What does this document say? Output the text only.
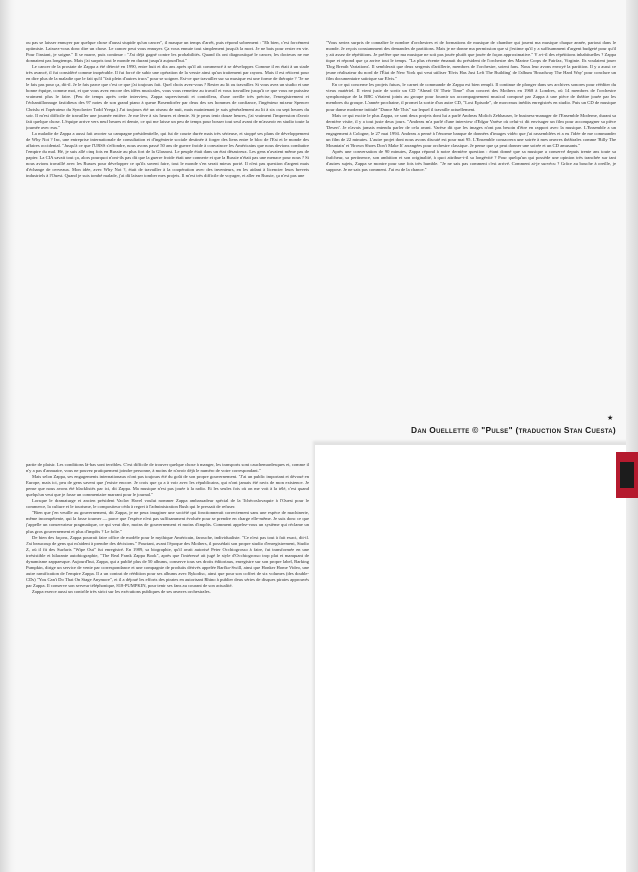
ou pas se laisser ennuyer par quelque chose d'aussi stupide qu'un cancer", il masque un temps d'arrêt, puis répond sobrement : "Eh bien, c'est forcément optimiste. Laissez-vous donc dire un chose. Le cancer peut vous ennuyer. Ça vous ennuie tout simplement jusqu'à la mort. Je ne bats pour rester en vie. Pour l'instant, je soigne." Il se marre, puis continue : "J'ai déjà gagné contre les probabilités. Quand ils ont diagnostiqué le cancer, les docteurs ne me donnaient pas longtemps. Mais j'ai surpris tout le monde en durant jusqu'à aujourd'hui."

Le cancer de la prostate de Zappa a été détecté en 1990, entre huit et dix ans après qu'il ait commencé à se développer. Comme il en était à un stade très avancé, il fut considéré comme inopérable. Il fut forcé de subir une opération de la vessie ainsi qu'un traitement par rayons. Mais il est réticent pour en dire plus de la maladie que le fait qu'il "fait plein d'autres trucs" pour se soigner. Est-ce que travailler sur sa musique est une forme de thérapie ? "Je ne le fais pas pour ça, dit-il. Je le fais parce que c'est ce que j'ai toujours fait. Quel choix avez-vous ? Rester au lit ou travailler. Si vous avez un studio et une bonne équipe, comme moi, et que vous avez encore des idées musicales, vous vous remettez au travail et vous travaillez jusqu'à ce que vous ne puissiez vraiment plus le faire. (Peu de temps après cette interview, Zappa superviserait et contrôlera, d'une oreille très précise, l'enregistrement et l'échantillonnage fastidieux des 97 notes de son grand piano à queue Bosendorfer par deux des ses hommes de confiance, l'ingénieur mixeur Spencer Chrislu et l'opérateur du Synclavier Todd Yvega.) J'ai toujours été un oiseau de nuit, mais maintenant je suis généralement au lit à six ou sept heures du soir. Il m'est difficile de travailler une journée entière. Je me lève à six heures et demie. Si je peux tenir douze heures, j'ai vraiment l'impression d'avoir fait quelque chose. L'équipe arrive vers neuf heures et demie, ce qui me laisse un peu de temps pour bosser tout seul avant de m'asseoir en studio toute la journée avec eux."

La maladie de Zappa a aussi fait avorter sa campagne présidentielle, qui fut de courte durée mais très sérieuse, et stoppé ses plans de développement de Why Not ? Inc, une entreprise internationale de consultation et d'ingénierie sociale destinée à forger des liens entre le bloc de l'Est et le monde des affaires occidental. "Jusqu'à ce que l'URSS s'effondre, nous avons passé 50 ans de guerre froide à convaincre les Américains que nous devions combattre l'empire du mal. Hé, je suis allé cinq fois en Russie au plus fort de la Glasnost. Le peuple était dans un état désastreux. Les gens n'avaient même pas de papier. La CIA savait tout ça, alors pourquoi n'ont-ils pas dit que la guerre froide était une connerie et que la Russie n'était pas une menace pour nous ? Si nous avions travaillé avec les Russes pour développer ce qu'ils savent faire, tout le monde s'en serait mieux porté. Il n'est pas question d'argent mais d'échange de cerveaux. Mon idée, avec Why Not ?, était de travailler à la coopération avec des inventeurs, en les aidant à licencier leurs brevets industriels à l'Ouest. Quand je suis tombé malade, j'ai dû laisser tomber mes projets. Il m'est très difficile de voyager, et aller en Russie, ça n'est pas une

partie de plaisir. Les conditions là-bas sont terribles. C'est difficile de trouver quelque chose à manger, les transports sont cauchemardesques et, comme il n'y a pas d'annuaire, vous ne pouvez pratiquement joindre personne, à moins de n'avoir déjà le numéro de votre correspondant."

Mais selon Zappa, ses engagements internationaux n'ont pas toujours été du goût de son propre gouvernement. "J'ai un public important et dévoué en Europe, mais ici, peu de gens savent que j'existe encore. Je crois que ça a à voir avec les républicains, qui n'ont jamais été ravis de mon existence. Je pense que nous avons été blacklistés par ici, dit Zappa. Ma musique n'est pas jouée à la radio. Et les seules fois où on me voit à la télé, c'est quand quelqu'un veut que je fasse un commentaire marrant pour le journal."

Lorsque le dramaturge et ancien président Vaclav Havel voulut nommer Zappa ambassadeur spécial de la Tchécoslovaquie à l'Ouest pour le commerce, la culture et le tourisme, le compositeur céda à regret à l'administration Bush qui le pressait de refuser.

"Bien que j'en veuille au gouvernement, dit Zappa, je ne peux imaginer une société qui fonctionnerait correctement sans une espèce de machinerie, même incompétente, qui la fasse tourner — parce que l'espèce n'est pas suffisamment évoluée pour se prendre en charge elle-même. Je suis donc ce que j'appelle un conservateur pragmatique, ce qui veut dire, moins de gouvernement et moins d'impôts. Comment appelez-vous un système qui réclame un plus gros gouvernement et plus d'impôts ? Le folie."

De bien des façons, Zappa pourrait faire office de modèle pour le mythique Américain, farouche, individualiste. "Ce n'est pas tout à fait exact, dit-il. J'ai beaucoup de gens qui m'aident à prendre des décisions." Pourtant, avant l'époque des Mothers, il possédait son propre studio d'enregistrement, Studio Z, où il fit des Surfaris "Wipe Out" fut enregistré. En 1989, sa biographie, qu'il avait autorisé Peter Occhiogrosso à faire, fut transformée en une irrésistible et hilarante autobiographie, "The Real Frank Zappa Book", après que l'intéressé ait jugé le style d'Occhiogrosso trop plat et manquant de dynamisme zappaesque. Aujourd'hui, Zappa, qui a publié plus de 50 albums, conserve tous ses droits éditoriaux, enregistre sur son propre label, Barking Pumpkin, dirige un service de vente par correspondance et une compagnie de produits dérivés appelée Barfko-Swill, ainsi que Honker Home Video, une autre ramification de l'empire Zappa. Il a un contrat de réédition pour ses albums avec Rykodisc, ainsi que pour son coffret de six volumes (des double-CDs) "You Can't Do That On Stage Anymore", et il a déjoué les efforts des pirates en autorisant Rhino à publier deux séries de disques pirates approuvés par Zappa. Il conserve son serveur téléphonique, 818-PUMPKIN, pour tenir ses fans au courant de son actualité.

Zappa exerce aussi un contrôle très strict sur les exécutions publiques de ses œuvres orchestrales.

"Vous seriez surpris de connaître le nombre d'orchestres et de formations de musique de chambre qui jouent ma musique chaque année, partout dans le monde. Je reçois constamment des demandes de partitions. Mais je ne donne ma permission que si j'estime qu'il y a suffisamment d'argent budgeté pour qu'il y ait assez de répétitions. Je préfère que ma musique ne soit pas jouée plutôt que jouée de façon approximative." Y a-t-il des répétitions inhabituelles ? Zappa tique et répond que ça arrive tout le temps. "La plus récente émanait du président de l'orchestre des Marine Corps de Fairfax, Virginie. Ils voulaient jouer 'Dog Breath Variations'. Il semblerait que deux sergents d'artillerie, membres de l'orchestre, soient fans. Nous leur avons envoyé la partition. Il y a aussi ce jeune réalisateur du nord de l'État de New York qui veut utiliser 'Elvis Has Just Left The Building' de l'album 'Broadway The Hard Way' pour conclure un film documentaire satirique sur Elvis."

En ce qui concerne les projets futurs, le carnet de commande de Zappa est bien rempli. Il continue de plonger dans ses archives sonores pour rééditer du vieux matériel. Il vient juste de sortir un CD "Ahead Of Their Time" d'un concert des Mothers en 1968 à Londres, où 14 membres de l'orchestre symphonique de la BBC s'étaient joints au groupe pour fournir un accompagnement musical composé par Zappa à une pièce de théâtre jouée par les membres du groupe. L'année prochaine, il promet la sortie d'un autre CD, "Lost Episode", de morceaux inédits enregistrés en studio. Puis un CD de musique pour danse moderne intitulé "Dance Me This" sur lequel il travaille actuellement.

Mais ce qui excite le plus Zappa, ce sont deux projets dont lui a parlé Andreas Molich Zebhauser, le business-manager de l'Ensemble Moderne, durant sa dernière visite, il y a tout juste deux jours. "Andreas m'a parlé d'une interview d'Edgar Varèse où celui-ci dit envisager un film pour accompagner sa pièce 'Desert'. Je n'avais jamais entendu parler de cela avant. Varèse dit que les images n'ont pas besoin d'être en rapport avec la musique. L'Ensemble a un engagement à Cologne, le 27 mai 1994. Andreas a pensé à l'énorme banque de données d'images vidéo que j'ai rassemblées et a eu l'idée de me commander un film de 22 minutes. L'autre projet dont nous avons discuté est pour mai 95. L'Ensemble consacrera une soirée à mes œuvres théâtrales comme 'Billy The Mountain' et 'Brown Shoes Don't Make It' arrangées pour orchestre classique. Je pense que ça peut donner une soirée et un CD amusants."

Après une conversation de 90 minutes, Zappa répond à notre dernière question : étant donné que sa musique a conservé depuis trente ans toute sa fraîcheur, sa pertinence, son ambition et son originalité, à quoi attribue-t-il sa longévité ? Pour quelqu'un qui possède une opinion très tranchée sur tant d'autres sujets, Zappa se montre pour une fois très humble. "Je ne sais pas comment c'est arrivé. Comment ai-je survécu ? Grâce au bouche à oreille, je suppose. Je ne sais pas comment. J'ai eu de la chance."

★
Dan Ouellette © "Pulse" (traduction Stan Cuesta)
